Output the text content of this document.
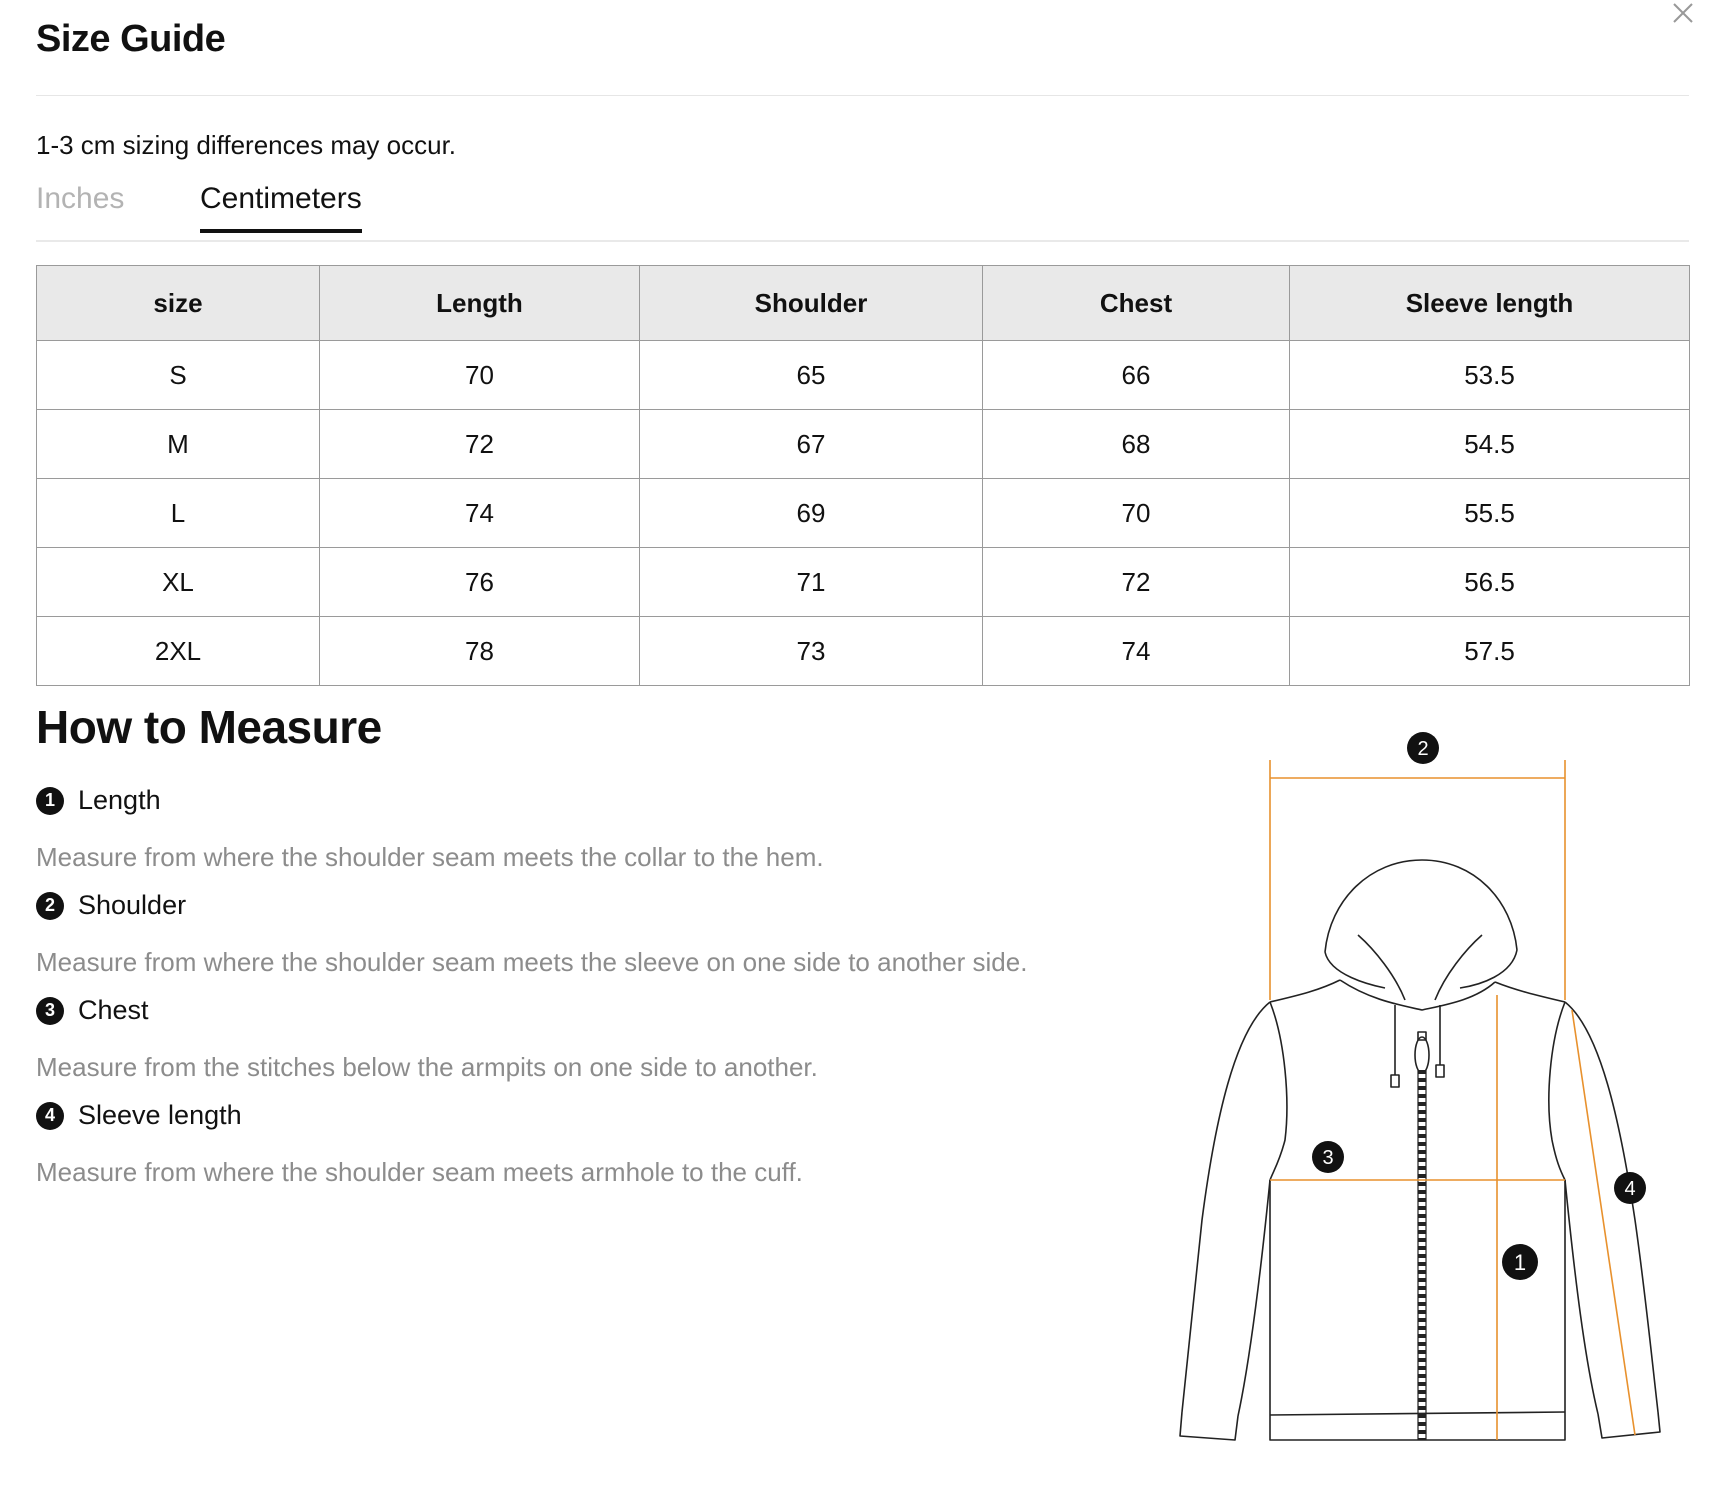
Size Guide
1-3 cm sizing differences may occur.
Inches	Centimeters
size	Length	Shoulder	Chest	Sleeve length
S	70	65	66	53.5
M	72	67	68	54.5
L	74	69	70	55.5
XL	76	71	72	56.5
2XL	78	73	74	57.5
How to Measure
1 Length
Measure from where the shoulder seam meets the collar to the hem.
2 Shoulder
Measure from where the shoulder seam meets the sleeve on one side to another side.
3 Chest
Measure from the stitches below the armpits on one side to another.
4 Sleeve length
Measure from where the shoulder seam meets armhole to the cuff.
2
3
1
4
